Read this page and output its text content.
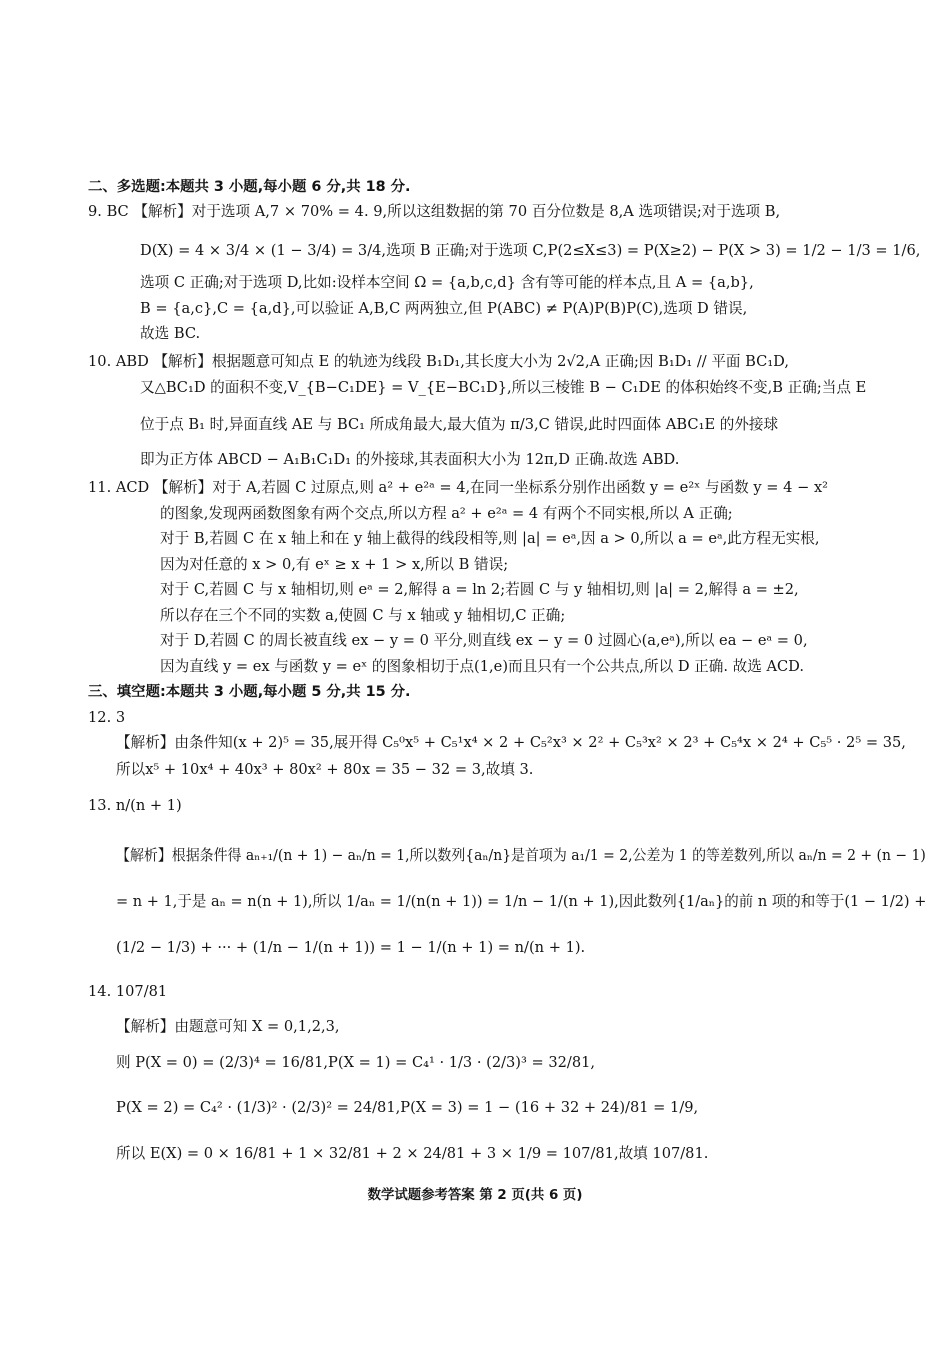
二、多选题:本题共 3 小题,每小题 6 分,共 18 分.
9. BC 【解析】对于选项 A,7 × 70% = 4. 9,所以这组数据的第 70 百分位数是 8,A 选项错误;对于选项 B,
D(X) = 4 × 3/4 × (1 − 3/4) = 3/4,选项 B 正确;对于选项 C,P(2≤X≤3) = P(X≥2) − P(X > 3) = 1/2 − 1/3 = 1/6,
选项 C 正确;对于选项 D,比如:设样本空间 Ω = {a,b,c,d} 含有等可能的样本点,且 A = {a,b},
B = {a,c},C = {a,d},可以验证 A,B,C 两两独立,但 P(ABC) ≠ P(A)P(B)P(C),选项 D 错误,
故选 BC.
10. ABD 【解析】根据题意可知点 E 的轨迹为线段 B₁D₁,其长度大小为 2√2,A 正确;因 B₁D₁ // 平面 BC₁D,
又△BC₁D 的面积不变,V_{B−C₁DE} = V_{E−BC₁D},所以三棱锥 B − C₁DE 的体积始终不变,B 正确;当点 E
位于点 B₁ 时,异面直线 AE 与 BC₁ 所成角最大,最大值为 π/3,C 错误,此时四面体 ABC₁E 的外接球
即为正方体 ABCD − A₁B₁C₁D₁ 的外接球,其表面积大小为 12π,D 正确.故选 ABD.
11. ACD 【解析】对于 A,若圆 C 过原点,则 a² + e²ᵃ = 4,在同一坐标系分别作出函数 y = e²ˣ 与函数 y = 4 − x²
的图象,发现两函数图象有两个交点,所以方程 a² + e²ᵃ = 4 有两个不同实根,所以 A 正确;
对于 B,若圆 C 在 x 轴上和在 y 轴上截得的线段相等,则 |a| = eᵃ,因 a > 0,所以 a = eᵃ,此方程无实根,
因为对任意的 x > 0,有 eˣ ≥ x + 1 > x,所以 B 错误;
对于 C,若圆 C 与 x 轴相切,则 eᵃ = 2,解得 a = ln 2;若圆 C 与 y 轴相切,则 |a| = 2,解得 a = ±2,
所以存在三个不同的实数 a,使圆 C 与 x 轴或 y 轴相切,C 正确;
对于 D,若圆 C 的周长被直线 ex − y = 0 平分,则直线 ex − y = 0 过圆心(a,eᵃ),所以 ea − eᵃ = 0,
因为直线 y = ex 与函数 y = eˣ 的图象相切于点(1,e)而且只有一个公共点,所以 D 正确. 故选 ACD.
三、填空题:本题共 3 小题,每小题 5 分,共 15 分.
12. 3
【解析】由条件知(x + 2)⁵ = 35,展开得 C₅⁰x⁵ + C₅¹x⁴ × 2 + C₅²x³ × 2² + C₅³x² × 2³ + C₅⁴x × 2⁴ + C₅⁵ · 2⁵ = 35,
所以x⁵ + 10x⁴ + 40x³ + 80x² + 80x = 35 − 32 = 3,故填 3.
13. n/(n + 1)
【解析】根据条件得 aₙ₊₁/(n + 1) − aₙ/n = 1,所以数列{aₙ/n}是首项为 a₁/1 = 2,公差为 1 的等差数列,所以 aₙ/n = 2 + (n − 1)
= n + 1,于是 aₙ = n(n + 1),所以 1/aₙ = 1/(n(n + 1)) = 1/n − 1/(n + 1),因此数列{1/aₙ}的前 n 项的和等于(1 − 1/2) +
(1/2 − 1/3) + ··· + (1/n − 1/(n + 1)) = 1 − 1/(n + 1) = n/(n + 1).
14. 107/81
【解析】由题意可知 X = 0,1,2,3,
则 P(X = 0) = (2/3)⁴ = 16/81,P(X = 1) = C₄¹ · 1/3 · (2/3)³ = 32/81,
P(X = 2) = C₄² · (1/3)² · (2/3)² = 24/81,P(X = 3) = 1 − (16 + 32 + 24)/81 = 1/9,
所以 E(X) = 0 × 16/81 + 1 × 32/81 + 2 × 24/81 + 3 × 1/9 = 107/81,故填 107/81.
数学试题参考答案 第 2 页(共 6 页)
